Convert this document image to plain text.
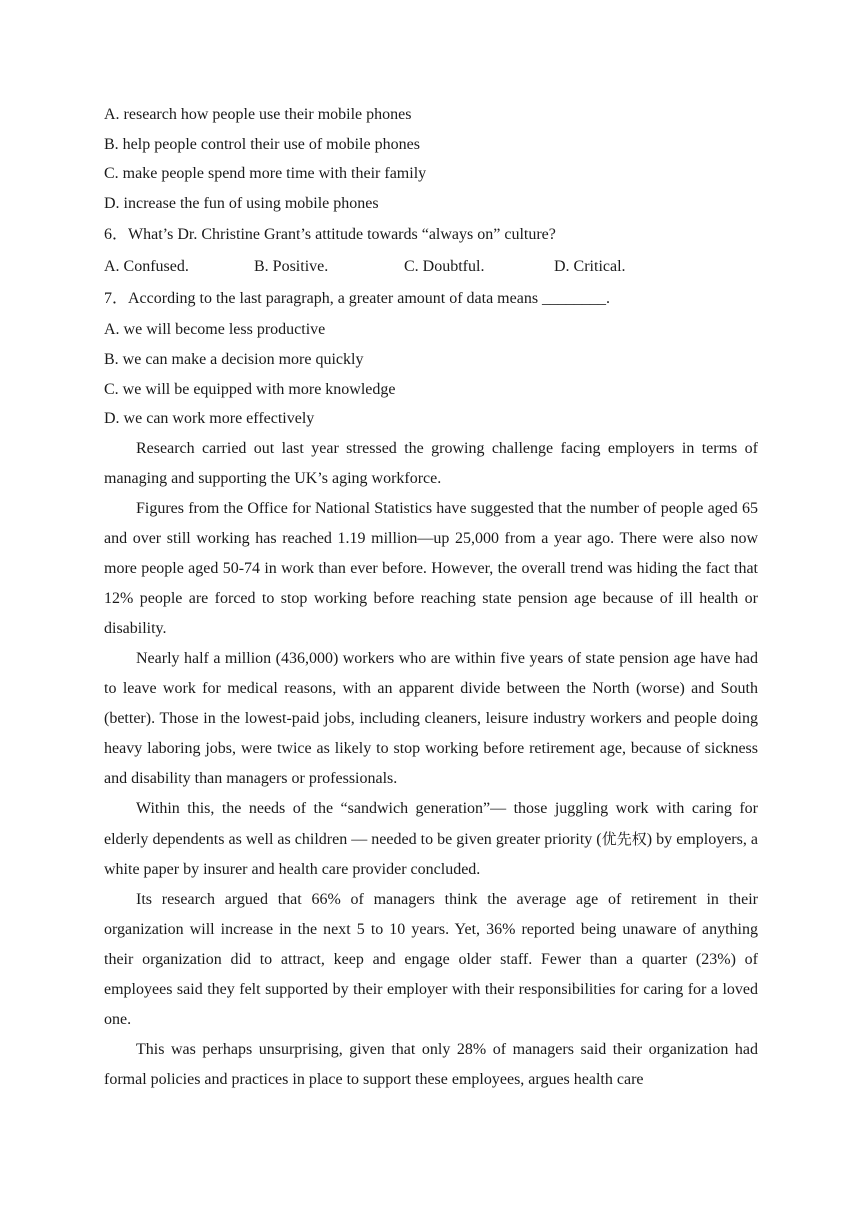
A. research how people use their mobile phones
B. help people control their use of mobile phones
C. make people spend more time with their family
D. increase the fun of using mobile phones
6．What’s Dr. Christine Grant’s attitude towards “always on” culture?
A. Confused.	B. Positive.	C. Doubtful.	D. Critical.
7．According to the last paragraph, a greater amount of data means ________.
A. we will become less productive
B. we can make a decision more quickly
C. we will be equipped with more knowledge
D. we can work more effectively

Research carried out last year stressed the growing challenge facing employers in terms of managing and supporting the UK’s aging workforce.

Figures from the Office for National Statistics have suggested that the number of people aged 65 and over still working has reached 1.19 million—up 25,000 from a year ago. There were also now more people aged 50-74 in work than ever before. However, the overall trend was hiding the fact that 12% people are forced to stop working before reaching state pension age because of ill health or disability.

Nearly half a million (436,000) workers who are within five years of state pension age have had to leave work for medical reasons, with an apparent divide between the North (worse) and South (better). Those in the lowest-paid jobs, including cleaners, leisure industry workers and people doing heavy laboring jobs, were twice as likely to stop working before retirement age, because of sickness and disability than managers or professionals.

Within this, the needs of the “sandwich generation”— those juggling work with caring for elderly dependents as well as children — needed to be given greater priority (优先权) by employers, a white paper by insurer and health care provider concluded.

Its research argued that 66% of managers think the average age of retirement in their organization will increase in the next 5 to 10 years. Yet, 36% reported being unaware of anything their organization did to attract, keep and engage older staff. Fewer than a quarter (23%) of employees said they felt supported by their employer with their responsibilities for caring for a loved one.

This was perhaps unsurprising, given that only 28% of managers said their organization had formal policies and practices in place to support these employees, argues health care
